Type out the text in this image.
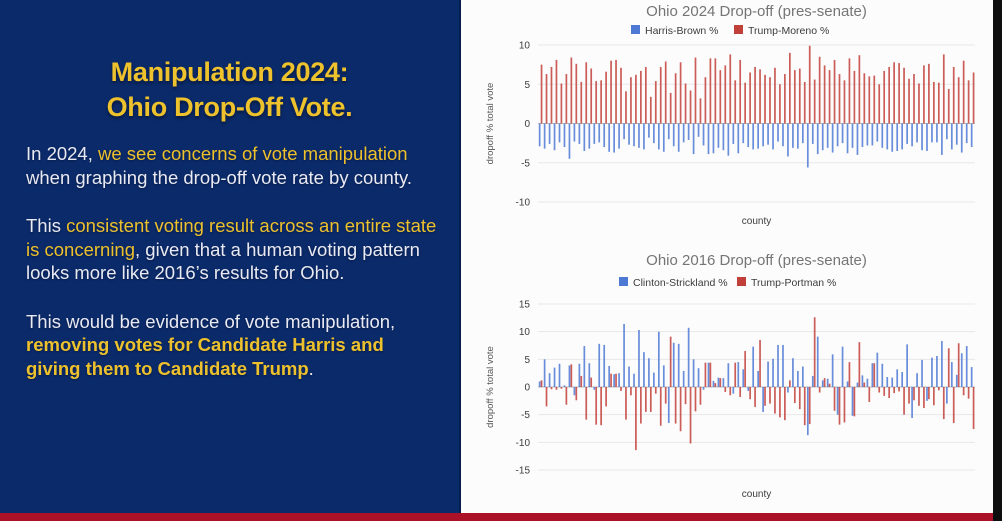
Manipulation 2024:
Ohio Drop-Off Vote.

In 2024, we see concerns of vote manipulation when graphing the drop-off vote rate by county.

This consistent voting result across an entire state is concerning, given that a human voting pattern looks more like 2016’s results for Ohio.

This would be evidence of vote manipulation, removing votes for Candidate Harris and giving them to Candidate Trump.

Ohio 2024 Drop-off (pres-senate)
Harris-Brown %	Trump-Moreno %
10
5
0
-5
-10
dropoff % total vote
county
Ohio 2016 Drop-off (pres-senate)
Clinton-Strickland % Trump-Portman %
15
10
5
0
-5
-10
-15
dropoff % total vote
county
